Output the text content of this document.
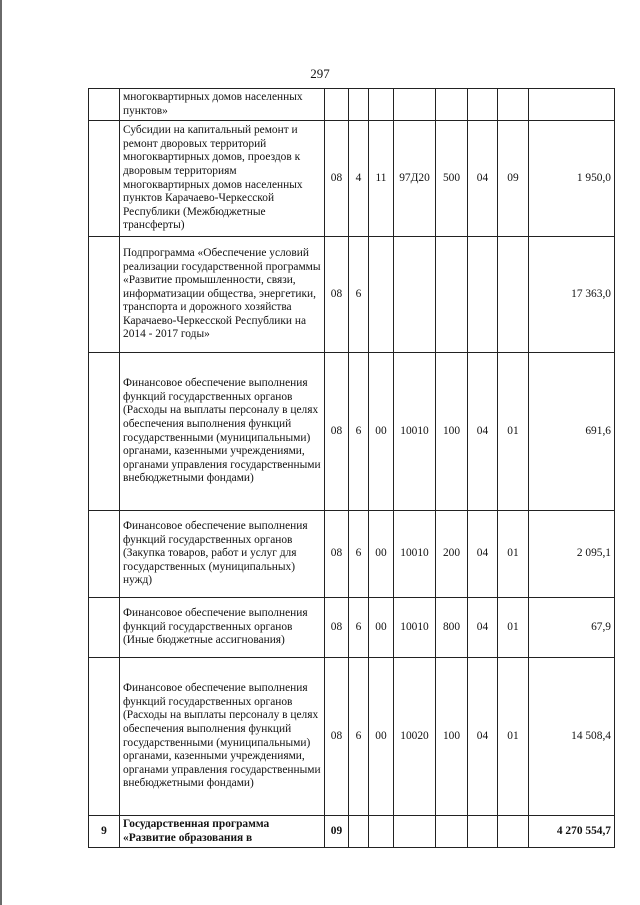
297
	многоквартирных домов населенных пунктов»								
	Субсидии на капитальный ремонт и ремонт дворовых территорий многоквартирных домов, проездов к дворовым территориям многоквартирных домов населенных пунктов Карачаево-Черкесской Республики (Межбюджетные трансферты)	08	4	11	97Д20	500	04	09	1 950,0
	Подпрограмма «Обеспечение условий реализации государственной программы «Развитие промышленности, связи, информатизации общества, энергетики, транспорта и дорожного хозяйства Карачаево-Черкесской Республики на 2014 - 2017 годы»	08	6						17 363,0
	Финансовое обеспечение выполнения функций государственных органов (Расходы на выплаты персоналу в целях обеспечения выполнения функций государственными (муниципальными) органами, казенными учреждениями, органами управления государственными внебюджетными фондами)	08	6	00	10010	100	04	01	691,6
	Финансовое обеспечение выполнения функций государственных органов (Закупка товаров, работ и услуг для государственных (муниципальных) нужд)	08	6	00	10010	200	04	01	2 095,1
	Финансовое обеспечение выполнения функций государственных органов (Иные бюджетные ассигнования)	08	6	00	10010	800	04	01	67,9
	Финансовое обеспечение выполнения функций государственных органов (Расходы на выплаты персоналу в целях обеспечения выполнения функций государственными (муниципальными) органами, казенными учреждениями, органами управления государственными внебюджетными фондами)	08	6	00	10020	100	04	01	14 508,4
9	Государственная программа «Развитие образования в	09							4 270 554,7
